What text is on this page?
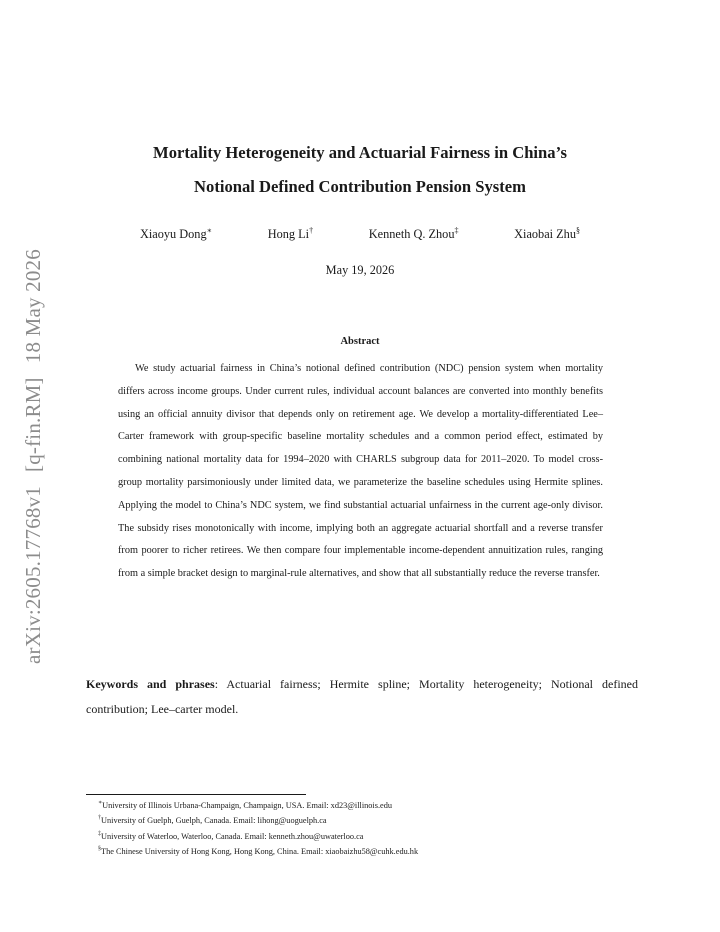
arXiv:2605.17768v1[q-fin.RM]18 May 2026
Mortality Heterogeneity and Actuarial Fairness in China’s
Notional Defined Contribution Pension System
Xiaoyu Dong∗	Hong Li†	Kenneth Q. Zhou‡	Xiaobai Zhu§
May 19, 2026
Abstract

We study actuarial fairness in China’s notional defined contribution (NDC) pension system when mortality differs across income groups. Under current rules, individual account balances are converted into monthly benefits using an official annuity divisor that depends only on retirement age. We develop a mortality-differentiated Lee–Carter framework with group-specific baseline mortality schedules and a common period effect, estimated by combining national mortality data for 1994–2020 with CHARLS subgroup data for 2011–2020. To model cross-group mortality parsimoniously under limited data, we parameterize the baseline schedules using Hermite splines. Applying the model to China’s NDC system, we find substantial actuarial unfairness in the current age-only divisor. The subsidy rises monotonically with income, implying both an aggregate actuarial shortfall and a reverse transfer from poorer to richer retirees. We then compare four implementable income-dependent annuitization rules, ranging from a simple bracket design to marginal-rule alternatives, and show that all substantially reduce the reverse transfer.

Keywords and phrases: Actuarial fairness; Hermite spline; Mortality heterogeneity; Notional defined contribution; Lee–carter model.

∗University of Illinois Urbana-Champaign, Champaign, USA. Email: xd23@illinois.edu
†University of Guelph, Guelph, Canada. Email: lihong@uoguelph.ca
‡University of Waterloo, Waterloo, Canada. Email: kenneth.zhou@uwaterloo.ca
§The Chinese University of Hong Kong, Hong Kong, China. Email: xiaobaizhu58@cuhk.edu.hk
